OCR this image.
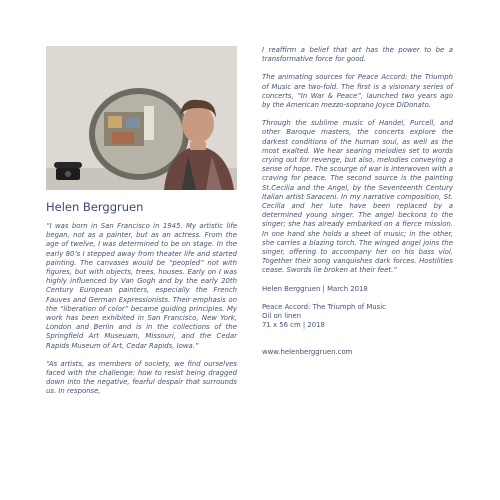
Helen Berggruen

“I was born in San Francisco in 1945. My artistic life began, not as a painter, but as an actress. From the age of twelve, I was determined to be on stage. In the early 80’s I stepped away from theater life and started painting. The canvases would be “peopled” not with figures, but with objects, trees, houses. Early on I was highly influenced by Van Gogh and by the early 20th Century European painters, especially the French Fauves and German Expressionists. Their emphasis on the “liberation of color” became guiding principles. My work has been exhibited in San Francisco, New York, London and Berlin and is in the collections of the Springfield Art Museuam, Missouri, and the Cedar Rapids Museum of Art, Cedar Rapids, Iowa.”

“As artists, as members of society, we find ourselves faced with the challenge: how to resist being dragged down into the negative, fearful despair that surrounds us. In response,

I reaffirm a belief that art has the power to be a transformative force for good.

The animating sources for Peace Accord: the Triumph of Music are two-fold. The first is a visionary series of concerts, “In War & Peace”, launched two years ago by the American mezzo-soprano Joyce DiDonato.

Through the sublime music of Handel, Purcell, and other Baroque masters, the concerts explore the darkest conditions of the human soul, as well as the most exalted. We hear searing melodies set to words crying out for revenge, but also, melodies conveying a sense of hope. The scourge of war is interwoven with a craving for peace. The second source is the painting St.Cecilia and the Angel, by the Seventeenth Century Italian artist Saraceni. In my narrative composition, St. Cecilia and her lute have been replaced by a determined young singer. The angel beckons to the singer; she has already embarked on a fierce mission. In one hand she holds a sheet of music; in the other, she carries a blazing torch. The winged angel joins the singer, offering to accompany her on his bass viol. Together their song vanquishes dark forces. Hostilities cease. Swords lie broken at their feet.”

Helen Berggruen | March 2018

Peace Accord: The Triumph of Music
Oil on linen
71 x 56 cm | 2018

www.helenberggruen.com
